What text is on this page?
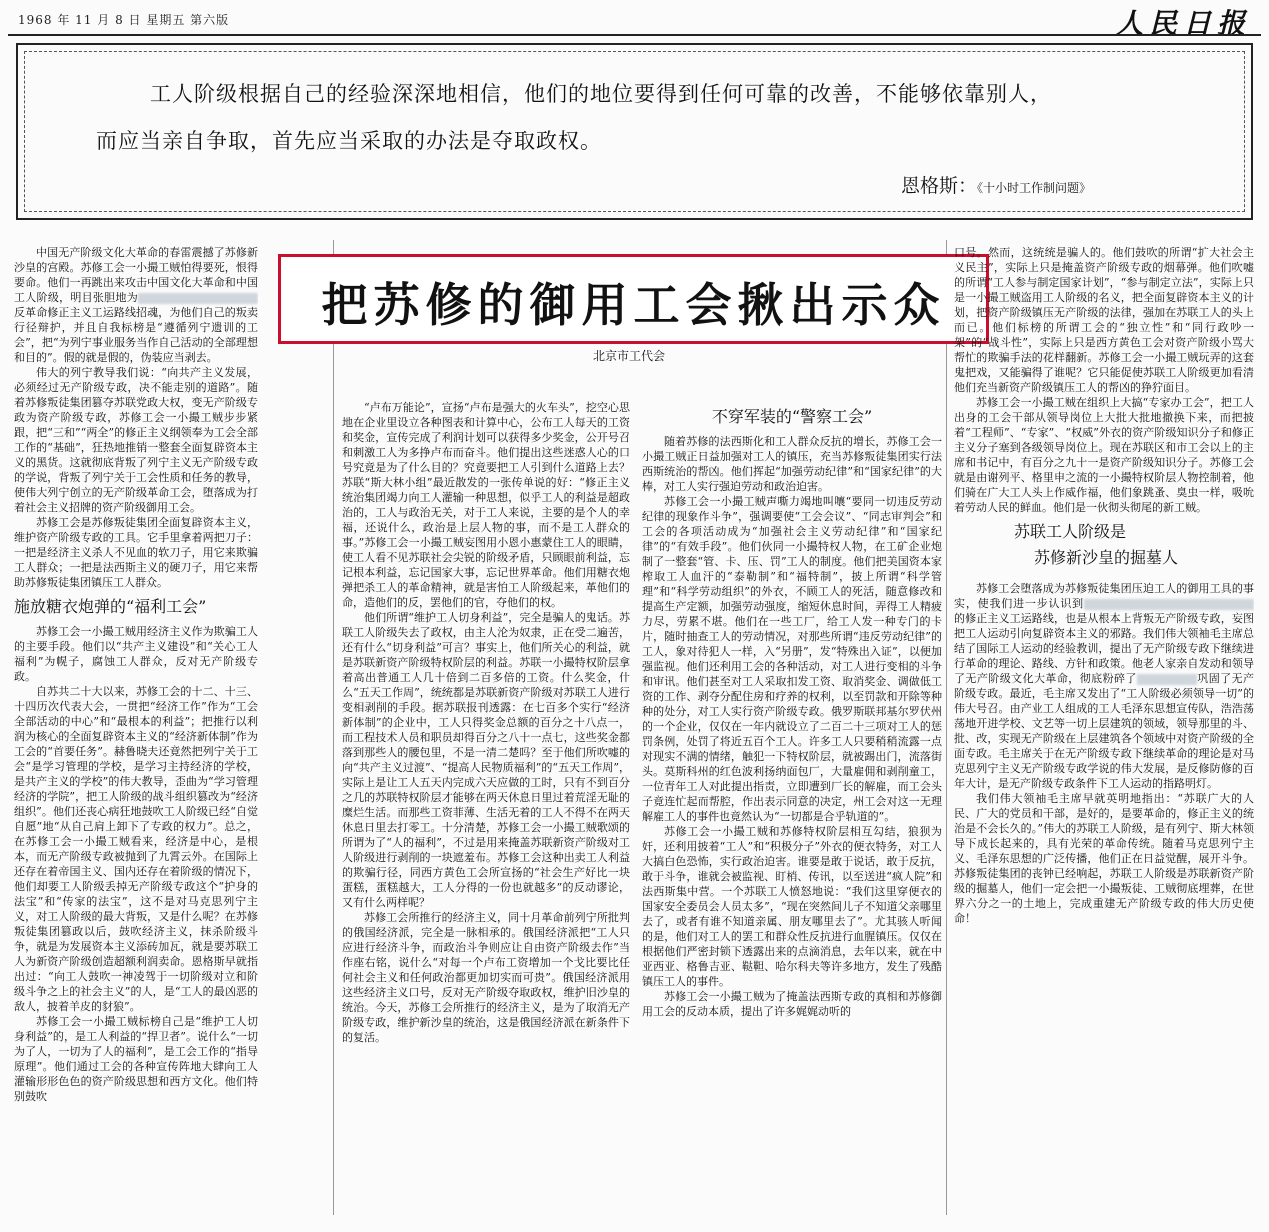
1968 年 11 月 8 日 星期五 第六版	人民日报
工人阶级根据自己的经验深深地相信，他们的地位要得到任何可靠的改善，不能够依靠别人，
而应当亲自争取，首先应当采取的办法是夺取政权。
恩格斯：《十小时工作制问题》

中国无产阶级文化大革命的春雷震撼了苏修新沙皇的宫殿。苏修工会一小撮工贼怕得要死，恨得要命。他们一再跳出来攻击中国文化大革命和中国工人阶级，明目张胆地为反革命修正主义工运路线招魂，为他们自己的叛卖行径辩护，并且自我标榜是“遵循列宁遗训的工会”，把“为列宁事业服务当作自己活动的全部理想和目的”。假的就是假的，伪装应当剥去。

伟大的列宁教导我们说：“向共产主义发展，必须经过无产阶级专政，决不能走别的道路”。随着苏修叛徒集团篡夺苏联党政大权，变无产阶级专政为资产阶级专政，苏修工会一小撮工贼步步紧跟，把“三和”“两全”的修正主义纲领奉为工会全部工作的“基础”，狂热地推销一整套全面复辟资本主义的黑货。这就彻底背叛了列宁主义无产阶级专政的学说，背叛了列宁关于工会性质和任务的教导，使伟大列宁创立的无产阶级革命工会，堕落成为打着社会主义招牌的资产阶级御用工会。

苏修工会是苏修叛徒集团全面复辟资本主义，维护资产阶级专政的工具。它手里拿着两把刀子：一把是经济主义杀人不见血的软刀子，用它来欺骗工人群众；一把是法西斯主义的硬刀子，用它来帮助苏修叛徒集团镇压工人群众。

施放糖衣炮弹的“福利工会”

苏修工会一小撮工贼用经济主义作为欺骗工人的主要手段。他们以“共产主义建设”和“关心工人福利”为幌子，腐蚀工人群众，反对无产阶级专政。

自苏共二十大以来，苏修工会的十二、十三、十四历次代表大会，一贯把“经济工作”作为“工会全部活动的中心”和“最根本的利益”；把推行以利润为核心的全面复辟资本主义的“经济新体制”作为工会的“首要任务”。赫鲁晓夫还竟然把列宁关于工会“是学习管理的学校，是学习主持经济的学校，是共产主义的学校”的伟大教导，歪曲为“学习管理经济的学院”，把工人阶级的战斗组织篡改为“经济组织”。他们还丧心病狂地鼓吹工人阶级已经“自觉自愿”地“从自己肩上卸下了专政的权力”。总之，在苏修工会一小撮工贼看来，经济是中心，是根本，而无产阶级专政被抛到了九霄云外。在国际上还存在着帝国主义、国内还存在着阶级的情况下，他们却要工人阶级丢掉无产阶级专政这个“护身的法宝”和“传家的法宝”，这不是对马克思列宁主义，对工人阶级的最大背叛，又是什么呢？在苏修叛徒集团篡政以后，鼓吹经济主义，抹杀阶级斗争，就是为发展资本主义添砖加瓦，就是要苏联工人为新资产阶级创造超额利润卖命。恩格斯早就指出过：“向工人鼓吹一神凌驾于一切阶级对立和阶级斗争之上的社会主义”的人，是“工人的最凶恶的敌人，披着羊皮的豺狼”。

苏修工会一小撮工贼标榜自己是“维护工人切身利益”的，是工人利益的“捍卫者”。说什么“一切为了人，一切为了人的福利”，是工会工作的“指导原理”。他们通过工会的各种宣传阵地大肆向工人灌输形形色色的资产阶级思想和西方文化。他们特别鼓吹

把苏修的御用工会揪出示众
北京市工代会

“卢布万能论”，宣扬“卢布是强大的火车头”，挖空心思地在企业里设立各种图表和计算中心，公布工人每天的工资和奖金，宣传完成了利润计划可以获得多少奖金，公开号召和刺激工人为多挣卢布而奋斗。他们提出这些迷惑人心的口号究竟是为了什么目的？究竟要把工人引到什么道路上去？苏联“斯大林小组”最近散发的一张传单说的好：“修正主义统治集团竭力向工人灌输一种思想，似乎工人的利益是超政治的，工人与政治无关，对于工人来说，主要的是个人的幸福，还说什么，政治是上层人物的事，而不是工人群众的事。”苏修工会一小撮工贼妄图用小恩小惠蒙住工人的眼睛，使工人看不见苏联社会尖锐的阶级矛盾，只顾眼前利益，忘记根本利益，忘记国家大事，忘记世界革命。他们用糖衣炮弹把杀工人的革命精神，就是害怕工人阶级起来，革他们的命，造他们的反，罢他们的官，夺他们的权。

他们所谓“维护工人切身利益”，完全是骗人的鬼话。苏联工人阶级失去了政权，由主人沦为奴隶，正在受二遍苦，还有什么“切身利益”可言？事实上，他们所关心的利益，就是苏联新资产阶级特权阶层的利益。苏联一小撮特权阶层拿着高出普通工人几十倍到二百多倍的工资。什么奖金，什么“五天工作周”，统统都是苏联新资产阶级对苏联工人进行变相剥削的手段。据苏联报刊透露：在七百多个实行“经济新体制”的企业中，工人只得奖金总额的百分之十八点一，而工程技术人员和职员却得百分之八十一点七，这些奖金都落到那些人的腰包里，不是一清二楚吗？至于他们所吹嘘的向“共产主义过渡”、“提高人民物质福利”的“五天工作周”，实际上是让工人五天内完成六天应做的工时，只有不到百分之几的苏联特权阶层才能够在两天休息日里过着荒淫无耻的糜烂生活。而那些工资菲薄、生活无着的工人不得不在两天休息日里去打零工。十分清楚，苏修工会一小撮工贼歌颂的所谓为了“人的福利”，不过是用来掩盖苏联新资产阶级对工人阶级进行剥削的一块遮羞布。苏修工会这种出卖工人利益的欺骗行径，同西方黄色工会所宣扬的“社会生产好比一块蛋糕，蛋糕越大，工人分得的一份也就越多”的反动谬论，又有什么两样呢？

苏修工会所推行的经济主义，同十月革命前列宁所批判的俄国经济派，完全是一脉相承的。俄国经济派把“工人只应进行经济斗争，而政治斗争则应让自由资产阶级去作”当作座右铭，说什么“对每一个卢布工资增加一个戈比要比任何社会主义和任何政治都更加切实而可贵”。俄国经济派用这些经济主义口号，反对无产阶级夺取政权，维护旧沙皇的统治。今天，苏修工会所推行的经济主义，是为了取消无产阶级专政，维护新沙皇的统治，这是俄国经济派在新条件下的复活。

不穿军装的“警察工会”

随着苏修的法西斯化和工人群众反抗的增长，苏修工会一小撮工贼正日益加强对工人的镇压，充当苏修叛徒集团实行法西斯统治的帮凶。他们挥起“加强劳动纪律”和“国家纪律”的大棒，对工人实行强迫劳动和政治迫害。

苏修工会一小撮工贼声嘶力竭地叫嚷“要同一切违反劳动纪律的现象作斗争”，强调要使“工会会议”、“同志审判会”和工会的各项活动成为“加强社会主义劳动纪律”和“国家纪律”的“有效手段”。他们伙同一小撮特权人物，在工矿企业炮制了一整套“管、卡、压、罚”工人的制度。他们把美国资本家榨取工人血汗的“泰勒制”和“福特制”，披上所谓“科学管理”和“科学劳动组织”的外衣，不顾工人的死活，随意修改和提高生产定额，加强劳动强度，缩短休息时间，弄得工人精疲力尽，劳累不堪。他们在一些工厂，给工人发一种专门的卡片，随时抽查工人的劳动情况，对那些所谓“违反劳动纪律”的工人，象对待犯人一样，入“另册”，发“特殊出入证”，以便加强监视。他们还利用工会的各种活动，对工人进行变相的斗争和审讯。他们甚至对工人采取扣发工资、取消奖金、调做低工资的工作、剥夺分配住房和疗养的权利，以至罚款和开除等种种的处分，对工人实行资产阶级专政。俄罗斯联邦基尔罗伏州的一个企业，仅仅在一年内就设立了二百二十三项对工人的惩罚条例，处罚了将近五百个工人。许多工人只要稍稍流露一点对现实不满的情绪，触犯一下特权阶层，就被踢出门，流落街头。莫斯科州的红色波利扬纳面包厂，大量雇佣和剥削童工，一位青年工人对此提出指责，立即遭到厂长的解雇，而工会头子竟连忙起而帮腔，作出表示同意的决定，州工会对这一无理解雇工人的事件也竟然认为“一切都是合乎轨道的”。

苏修工会一小撮工贼和苏修特权阶层相互勾结，狼狈为奸，还利用披着“工人”和“积极分子”外衣的便衣特务，对工人大搞白色恐怖，实行政治迫害。谁要是敢于说话，敢于反抗，敢于斗争，谁就会被监视、盯梢、传讯，以至送进“疯人院”和法西斯集中营。一个苏联工人愤怒地说：“我们这里穿便衣的国家安全委员会人员太多”，“现在突然间儿子不知道父亲哪里去了，或者有谁不知道亲属、朋友哪里去了”。尤其骇人听闻的是，他们对工人的罢工和群众性反抗进行血腥镇压。仅仅在根据他们严密封锁下透露出来的点滴消息，去年以来，就在中亚西亚、格鲁吉亚、鞑靼、哈尔科夫等许多地方，发生了残酷镇压工人的事件。

苏修工会一小撮工贼为了掩盖法西斯专政的真相和苏修御用工会的反动本质，提出了许多娓娓动听的

口号。然而，这统统是骗人的。他们鼓吹的所谓“扩大社会主义民主”，实际上只是掩盖资产阶级专政的烟幕弹。他们吹嘘的所谓“工人参与制定国家计划”，“参与制定立法”，实际上只是一小撮工贼盗用工人阶级的名义，把全面复辟资本主义的计划，把资产阶级镇压无产阶级的法律，强加在苏联工人的头上而已。他们标榜的所谓工会的“独立性”和“同行政吵一架”的“战斗性”，实际上只是西方黄色工会对资产阶级小骂大帮忙的欺骗手法的花样翻新。苏修工会一小撮工贼玩弄的这套鬼把戏，又能骗得了谁呢？它只能促使苏联工人阶级更加看清他们充当新资产阶级镇压工人的帮凶的狰狞面目。

苏修工会一小撮工贼在组织上大搞“专家办工会”，把工人出身的工会干部从领导岗位上大批大批地撤换下来，而把披着“工程师”、“专家”、“权威”外衣的资产阶级知识分子和修正主义分子塞到各级领导岗位上。现在苏联区和市工会以上的主席和书记中，有百分之九十一是资产阶级知识分子。苏修工会就是由谢列平、格里申之流的一小撮特权阶层人物控制着，他们骑在广大工人头上作威作福，他们象跳蚤、臭虫一样，吸吮着劳动人民的鲜血。他们是一伙彻头彻尾的新工贼。

苏联工人阶级是
苏修新沙皇的掘墓人

苏修工会堕落成为苏修叛徒集团压迫工人的御用工具的事实，使我们进一步认识到的修正主义工运路线，也是从根本上背叛无产阶级专政，妄图把工人运动引向复辟资本主义的邪路。我们伟大领袖毛主席总结了国际工人运动的经验教训，提出了无产阶级专政下继续进行革命的理论、路线、方针和政策。他老人家亲自发动和领导了无产阶级文化大革命，彻底粉碎了	巩固了无产阶级专政。最近，毛主席又发出了“工人阶级必须领导一切”的伟大号召。由产业工人组成的工人毛泽东思想宣传队，浩浩荡荡地开进学校、文艺等一切上层建筑的领域，领导那里的斗、批、改，实现无产阶级在上层建筑各个领域中对资产阶级的全面专政。毛主席关于在无产阶级专政下继续革命的理论是对马克思列宁主义无产阶级专政学说的伟大发展，是反修防修的百年大计，是无产阶级专政条件下工人运动的指路明灯。

我们伟大领袖毛主席早就英明地指出：“苏联广大的人民、广大的党员和干部，是好的，是要革命的，修正主义的统治是不会长久的。”伟大的苏联工人阶级，是有列宁、斯大林领导下成长起来的，具有光荣的革命传统。随着马克思列宁主义、毛泽东思想的广泛传播，他们正在日益觉醒，展开斗争。苏修叛徒集团的丧钟已经响起，苏联工人阶级是苏联新资产阶级的掘墓人，他们一定会把一小撮叛徒、工贼彻底埋葬，在世界六分之一的土地上，完成重建无产阶级专政的伟大历史使命！
